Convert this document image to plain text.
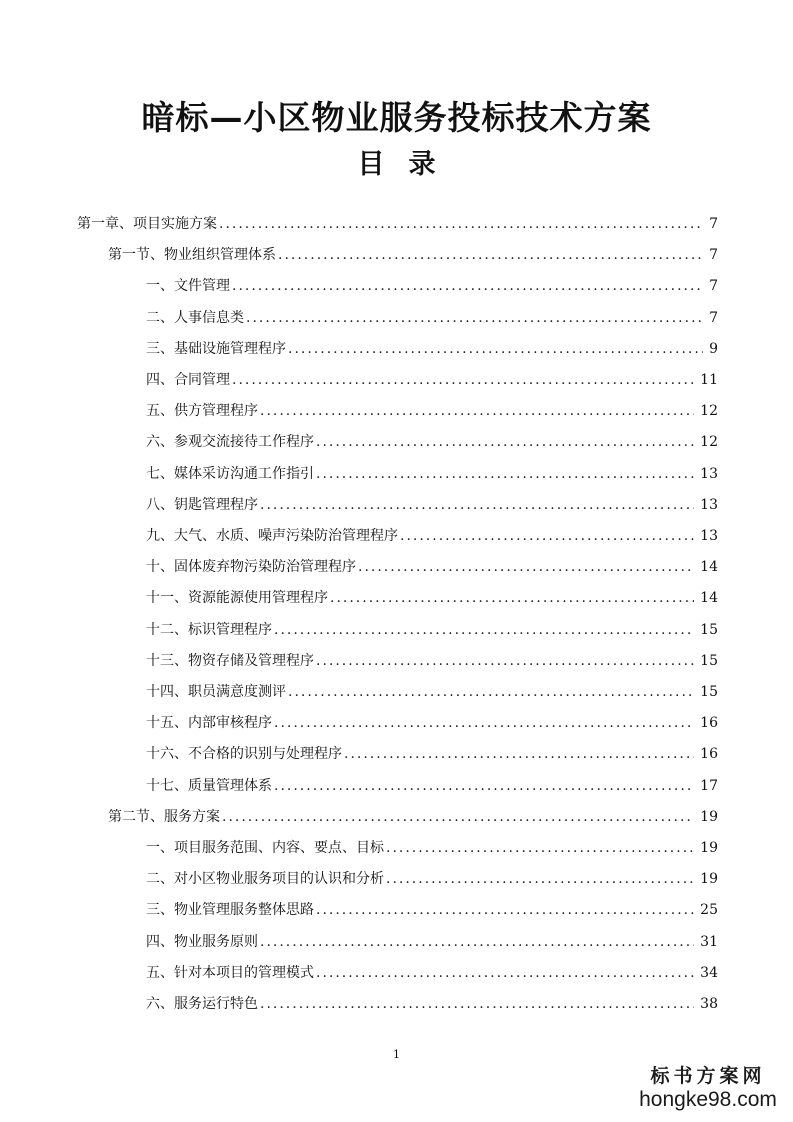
暗标—小区物业服务投标技术方案
目 录
第一章、项目实施方案 .....	7
第一节、物业组织管理体系 .....	7
一、文件管理 .....	7
二、人事信息类 .....	7
三、基础设施管理程序 .....	9
四、合同管理 .....	11
五、供方管理程序 .....	12
六、参观交流接待工作程序 .....	12
七、媒体采访沟通工作指引 .....	13
八、钥匙管理程序 .....	13
九、大气、水质、噪声污染防治管理程序 .....	13
十、固体废弃物污染防治管理程序 .....	14
十一、资源能源使用管理程序 .....	14
十二、标识管理程序 .....	15
十三、物资存储及管理程序 .....	15
十四、职员满意度测评 .....	15
十五、内部审核程序 .....	16
十六、不合格的识别与处理程序 .....	16
十七、质量管理体系 .....	17
第二节、服务方案 .....	19
一、项目服务范围、内容、要点、目标 .....	19
二、对小区物业服务项目的认识和分析 .....	19
三、物业管理服务整体思路 .....	25
四、物业服务原则 .....	31
五、针对本项目的管理模式 .....	34
六、服务运行特色 .....	38
1
标书方案网
hongke98.com
